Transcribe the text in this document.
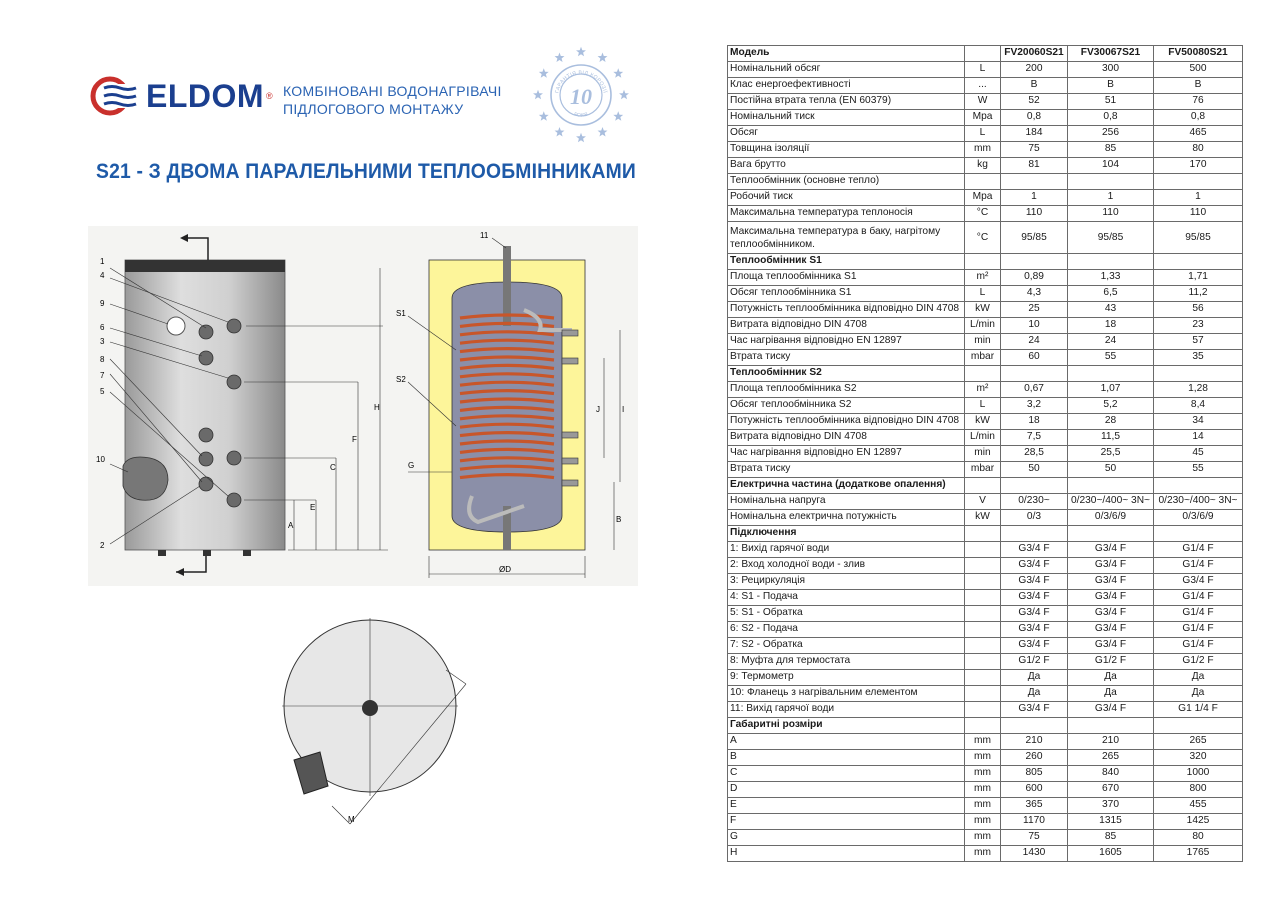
ELDOM ® КОМБІНОВАНІ ВОДОНАГРІВАЧІ
ПІДЛОГОВОГО МОНТАЖУ
ГАРАНТІЯ ВІД КОРОЗІЇ
РОКІВ
10
S21 - З ДВОМА ПАРАЛЕЛЬНИМИ ТЕПЛООБМІННИКАМИ
1
4
9
6
3
8
7
5
10
2
A
E
C
F
H
11
S1
S2
G
J	I
B
ØD
M
Модель		FV20060S21	FV30067S21	FV50080S21
Номінальний обсяг	L	200	300	500
Клас енергоефективності	...	B	B	B
Постійна втрата тепла (EN 60379)	W	52	51	76
Номінальний тиск	Mpa	0,8	0,8	0,8
Обсяг	L	184	256	465
Товщина ізоляції	mm	75	85	80
Вага брутто	kg	81	104	170
Теплообмінник (основне тепло)				
Робочий тиск	Mpa	1	1	1
Максимальна температура теплоносія	°C	110	110	110
Максимальна температура в баку, нагрітому теплообмінником.	°C	95/85	95/85	95/85
Теплообмінник S1				
Площа теплообмінника S1	m²	0,89	1,33	1,71
Обсяг теплообмінника S1	L	4,3	6,5	11,2
Потужність теплообмінника відповідно DIN 4708	kW	25	43	56
Витрата відповідно DIN 4708	L/min	10	18	23
Час нагрівання відповідно EN 12897	min	24	24	57
Втрата тиску	mbar	60	55	35
Теплообмінник S2				
Площа теплообмінника S2	m²	0,67	1,07	1,28
Обсяг теплообмінника S2	L	3,2	5,2	8,4
Потужність теплообмінника відповідно DIN 4708	kW	18	28	34
Витрата відповідно DIN 4708	L/min	7,5	11,5	14
Час нагрівання відповідно EN 12897	min	28,5	25,5	45
Втрата тиску	mbar	50	50	55
Електрична частина (додаткове опалення)				
Номінальна напруга	V	0/230~	0/230~/400~ 3N~	0/230~/400~ 3N~
Номінальна електрична потужність	kW	0/3	0/3/6/9	0/3/6/9
Підключення				
1: Вихід гарячої води		G3/4 F	G3/4 F	G1/4 F
2: Вход холодної води - злив		G3/4 F	G3/4 F	G1/4 F
3: Рециркуляція		G3/4 F	G3/4 F	G3/4 F
4: S1 - Подача		G3/4 F	G3/4 F	G1/4 F
5: S1 - Обратка		G3/4 F	G3/4 F	G1/4 F
6: S2 - Подача		G3/4 F	G3/4 F	G1/4 F
7: S2 - Обратка		G3/4 F	G3/4 F	G1/4 F
8: Муфта для термостата		G1/2 F	G1/2 F	G1/2 F
9: Термометр		Да	Да	Да
10: Фланець з нагрівальним елементом		Да	Да	Да
11: Вихід гарячої води		G3/4 F	G3/4 F	G1 1/4 F
Габаритні розміри				
A	mm	210	210	265
B	mm	260	265	320
C	mm	805	840	1000
D	mm	600	670	800
E	mm	365	370	455
F	mm	1170	1315	1425
G	mm	75	85	80
H	mm	1430	1605	1765
